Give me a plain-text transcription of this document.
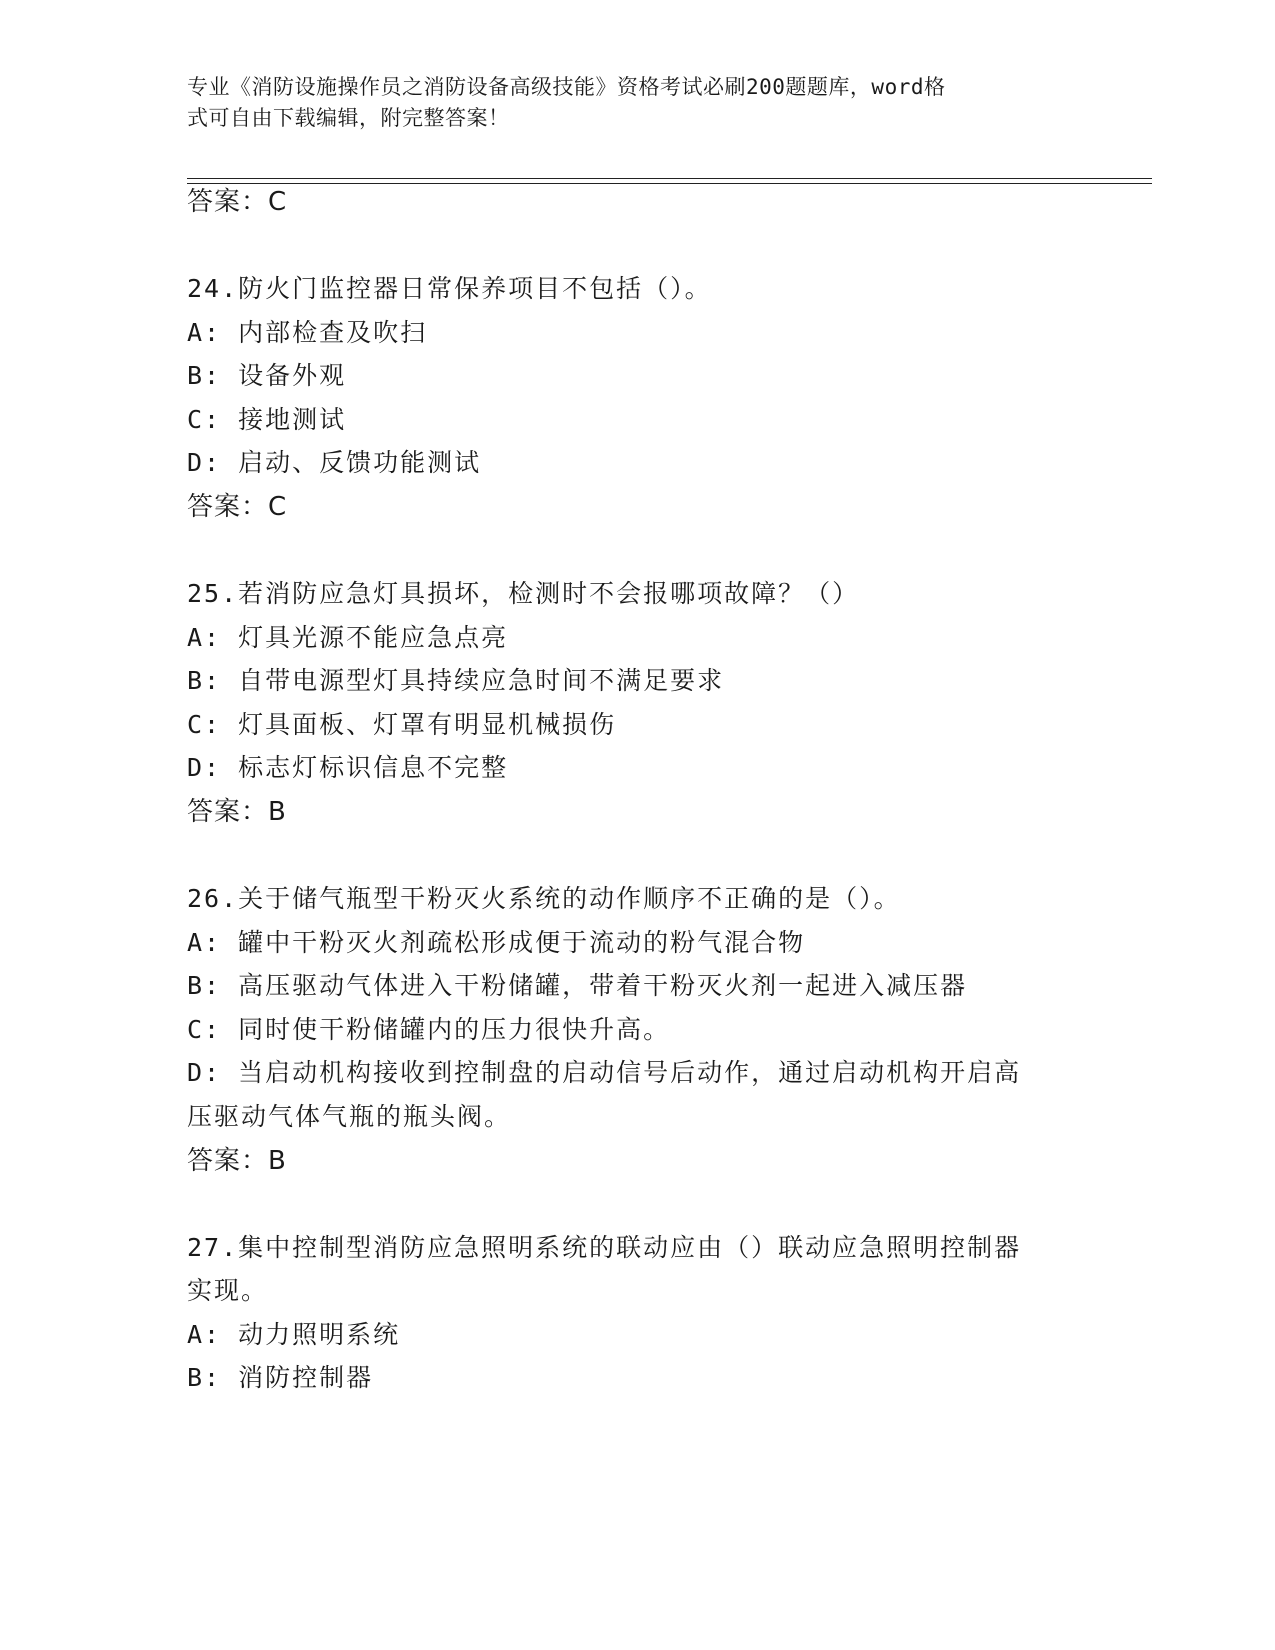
专业《消防设施操作员之消防设备高级技能》资格考试必刷200题题库，word格
式可自由下载编辑，附完整答案！
答案：C
24.防火门监控器日常保养项目不包括（）。
A: 内部检查及吹扫
B: 设备外观
C: 接地测试
D: 启动、反馈功能测试
答案：C
25.若消防应急灯具损坏，检测时不会报哪项故障？（）
A: 灯具光源不能应急点亮
B: 自带电源型灯具持续应急时间不满足要求
C: 灯具面板、灯罩有明显机械损伤
D: 标志灯标识信息不完整
答案：B
26.关于储气瓶型干粉灭火系统的动作顺序不正确的是（）。
A: 罐中干粉灭火剂疏松形成便于流动的粉气混合物
B: 高压驱动气体进入干粉储罐，带着干粉灭火剂一起进入减压器
C: 同时使干粉储罐内的压力很快升高。
D: 当启动机构接收到控制盘的启动信号后动作，通过启动机构开启高
压驱动气体气瓶的瓶头阀。
答案：B
27.集中控制型消防应急照明系统的联动应由（）联动应急照明控制器
实现。
A: 动力照明系统
B: 消防控制器
